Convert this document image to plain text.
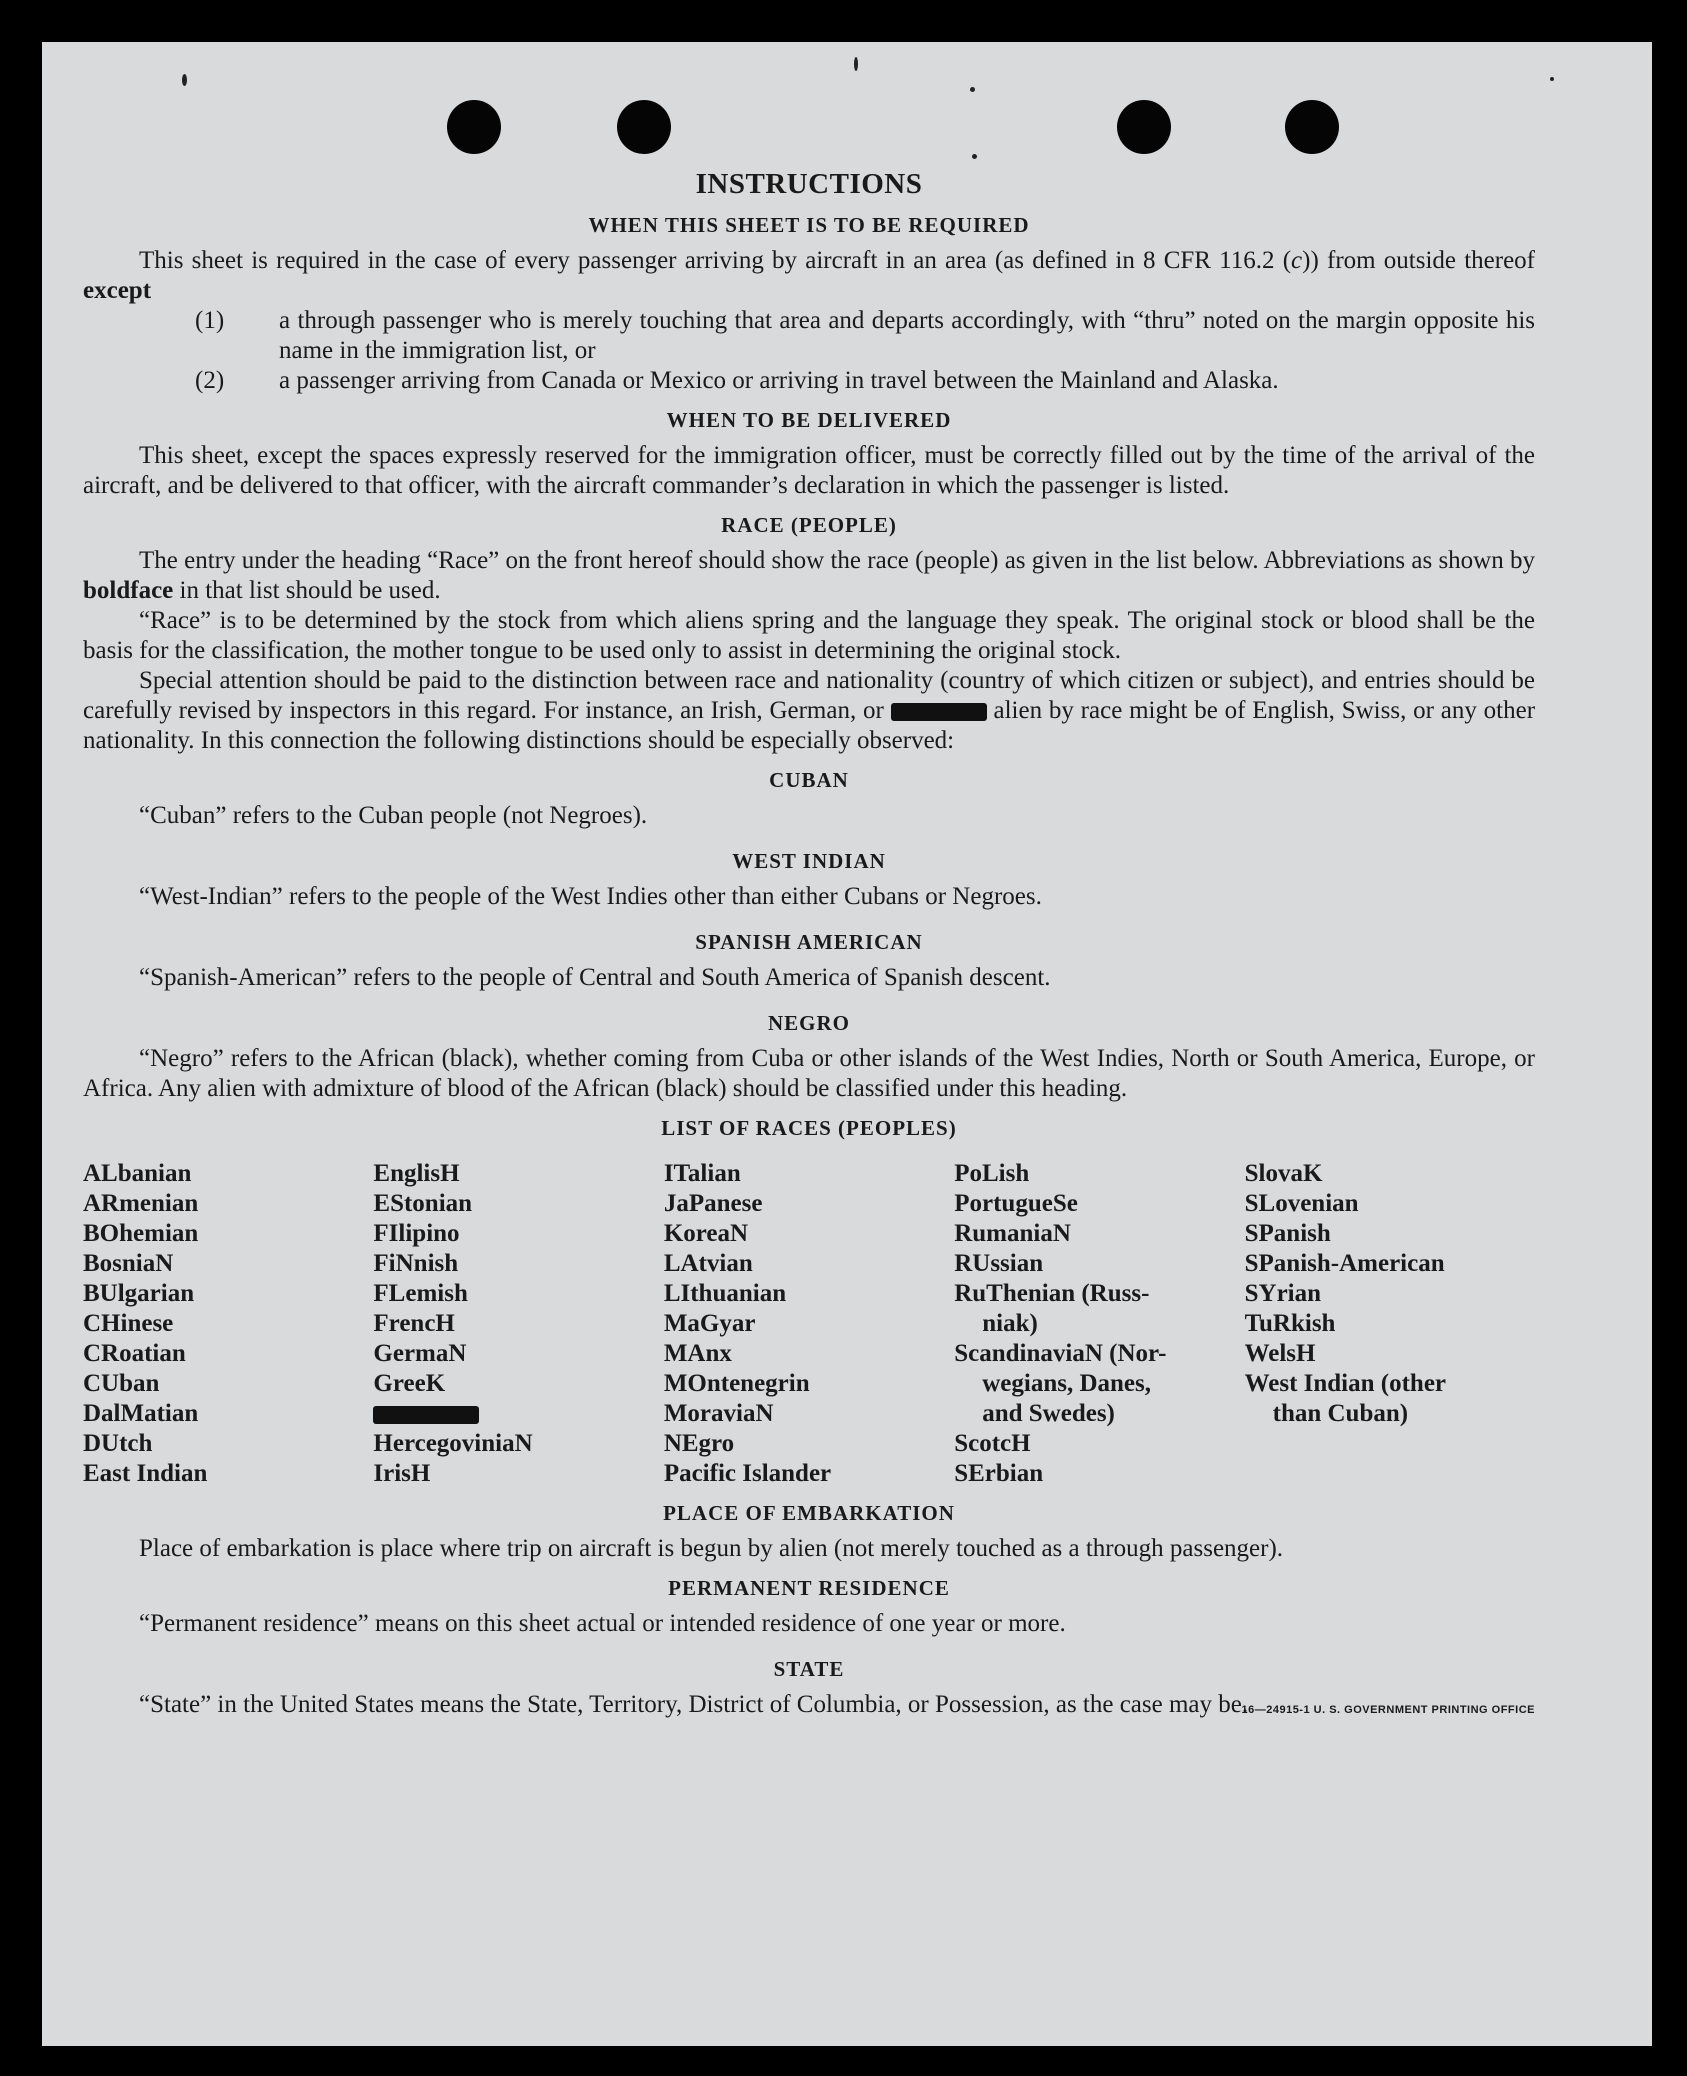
INSTRUCTIONS
WHEN THIS SHEET IS TO BE REQUIRED

This sheet is required in the case of every passenger arriving by aircraft in an area (as defined in 8 CFR 116.2 (c)) from outside thereof except

(1)	a through passenger who is merely touching that area and departs accordingly, with “thru” noted on the margin opposite his name in the immigration list, or
(2)	a passenger arriving from Canada or Mexico or arriving in travel between the Mainland and Alaska.
WHEN TO BE DELIVERED

This sheet, except the spaces expressly reserved for the immigration officer, must be correctly filled out by the time of the arrival of the aircraft, and be delivered to that officer, with the aircraft commander’s declaration in which the passenger is listed.

RACE (PEOPLE)

The entry under the heading “Race” on the front hereof should show the race (people) as given in the list below. Abbreviations as shown by boldface in that list should be used.

“Race” is to be determined by the stock from which aliens spring and the language they speak. The original stock or blood shall be the basis for the classification, the mother tongue to be used only to assist in determining the original stock.

Special attention should be paid to the distinction between race and nationality (country of which citizen or subject), and entries should be carefully revised by inspectors in this regard. For instance, an Irish, German, or	alien by race might be of English, Swiss, or any other nationality. In this connection the following distinctions should be especially observed:

CUBAN

“Cuban” refers to the Cuban people (not Negroes).

WEST INDIAN

“West-Indian” refers to the people of the West Indies other than either Cubans or Negroes.

SPANISH AMERICAN

“Spanish-American” refers to the people of Central and South America of Spanish descent.

NEGRO

“Negro” refers to the African (black), whether coming from Cuba or other islands of the West Indies, North or South America, Europe, or Africa. Any alien with admixture of blood of the African (black) should be classified under this heading.

LIST OF RACES (PEOPLES)
ALbanian
ARmenian
BOhemian
BosniaN
BUlgarian
CHinese
CRoatian
CUban
DalMatian
DUtch
East Indian
EnglisH
EStonian
FIlipino
FiNnish
FLemish
FrencH
GermaN
GreeK
HercegoviniaN
IrisH
ITalian
JaPanese
KoreaN
LAtvian
LIthuanian
MaGyar
MAnx
MOntenegrin
MoraviaN
NEgro
Pacific Islander
PoLish
PortugueSe
RumaniaN
RUssian
RuThenian (Russ-
niak)
ScandinaviaN (Nor-
wegians, Danes,
and Swedes)
ScotcH
SErbian
SlovaK
SLovenian
SPanish
SPanish-American
SYrian
TuRkish
WelsH
West Indian (other
than Cuban)
PLACE OF EMBARKATION

Place of embarkation is place where trip on aircraft is begun by alien (not merely touched as a through passenger).

PERMANENT RESIDENCE

“Permanent residence” means on this sheet actual or intended residence of one year or more.

STATE

“State” in the United States means the State, Territory, District of Columbia, or Possession, as the case may be.

16—24915-1 U. S. GOVERNMENT PRINTING OFFICE
